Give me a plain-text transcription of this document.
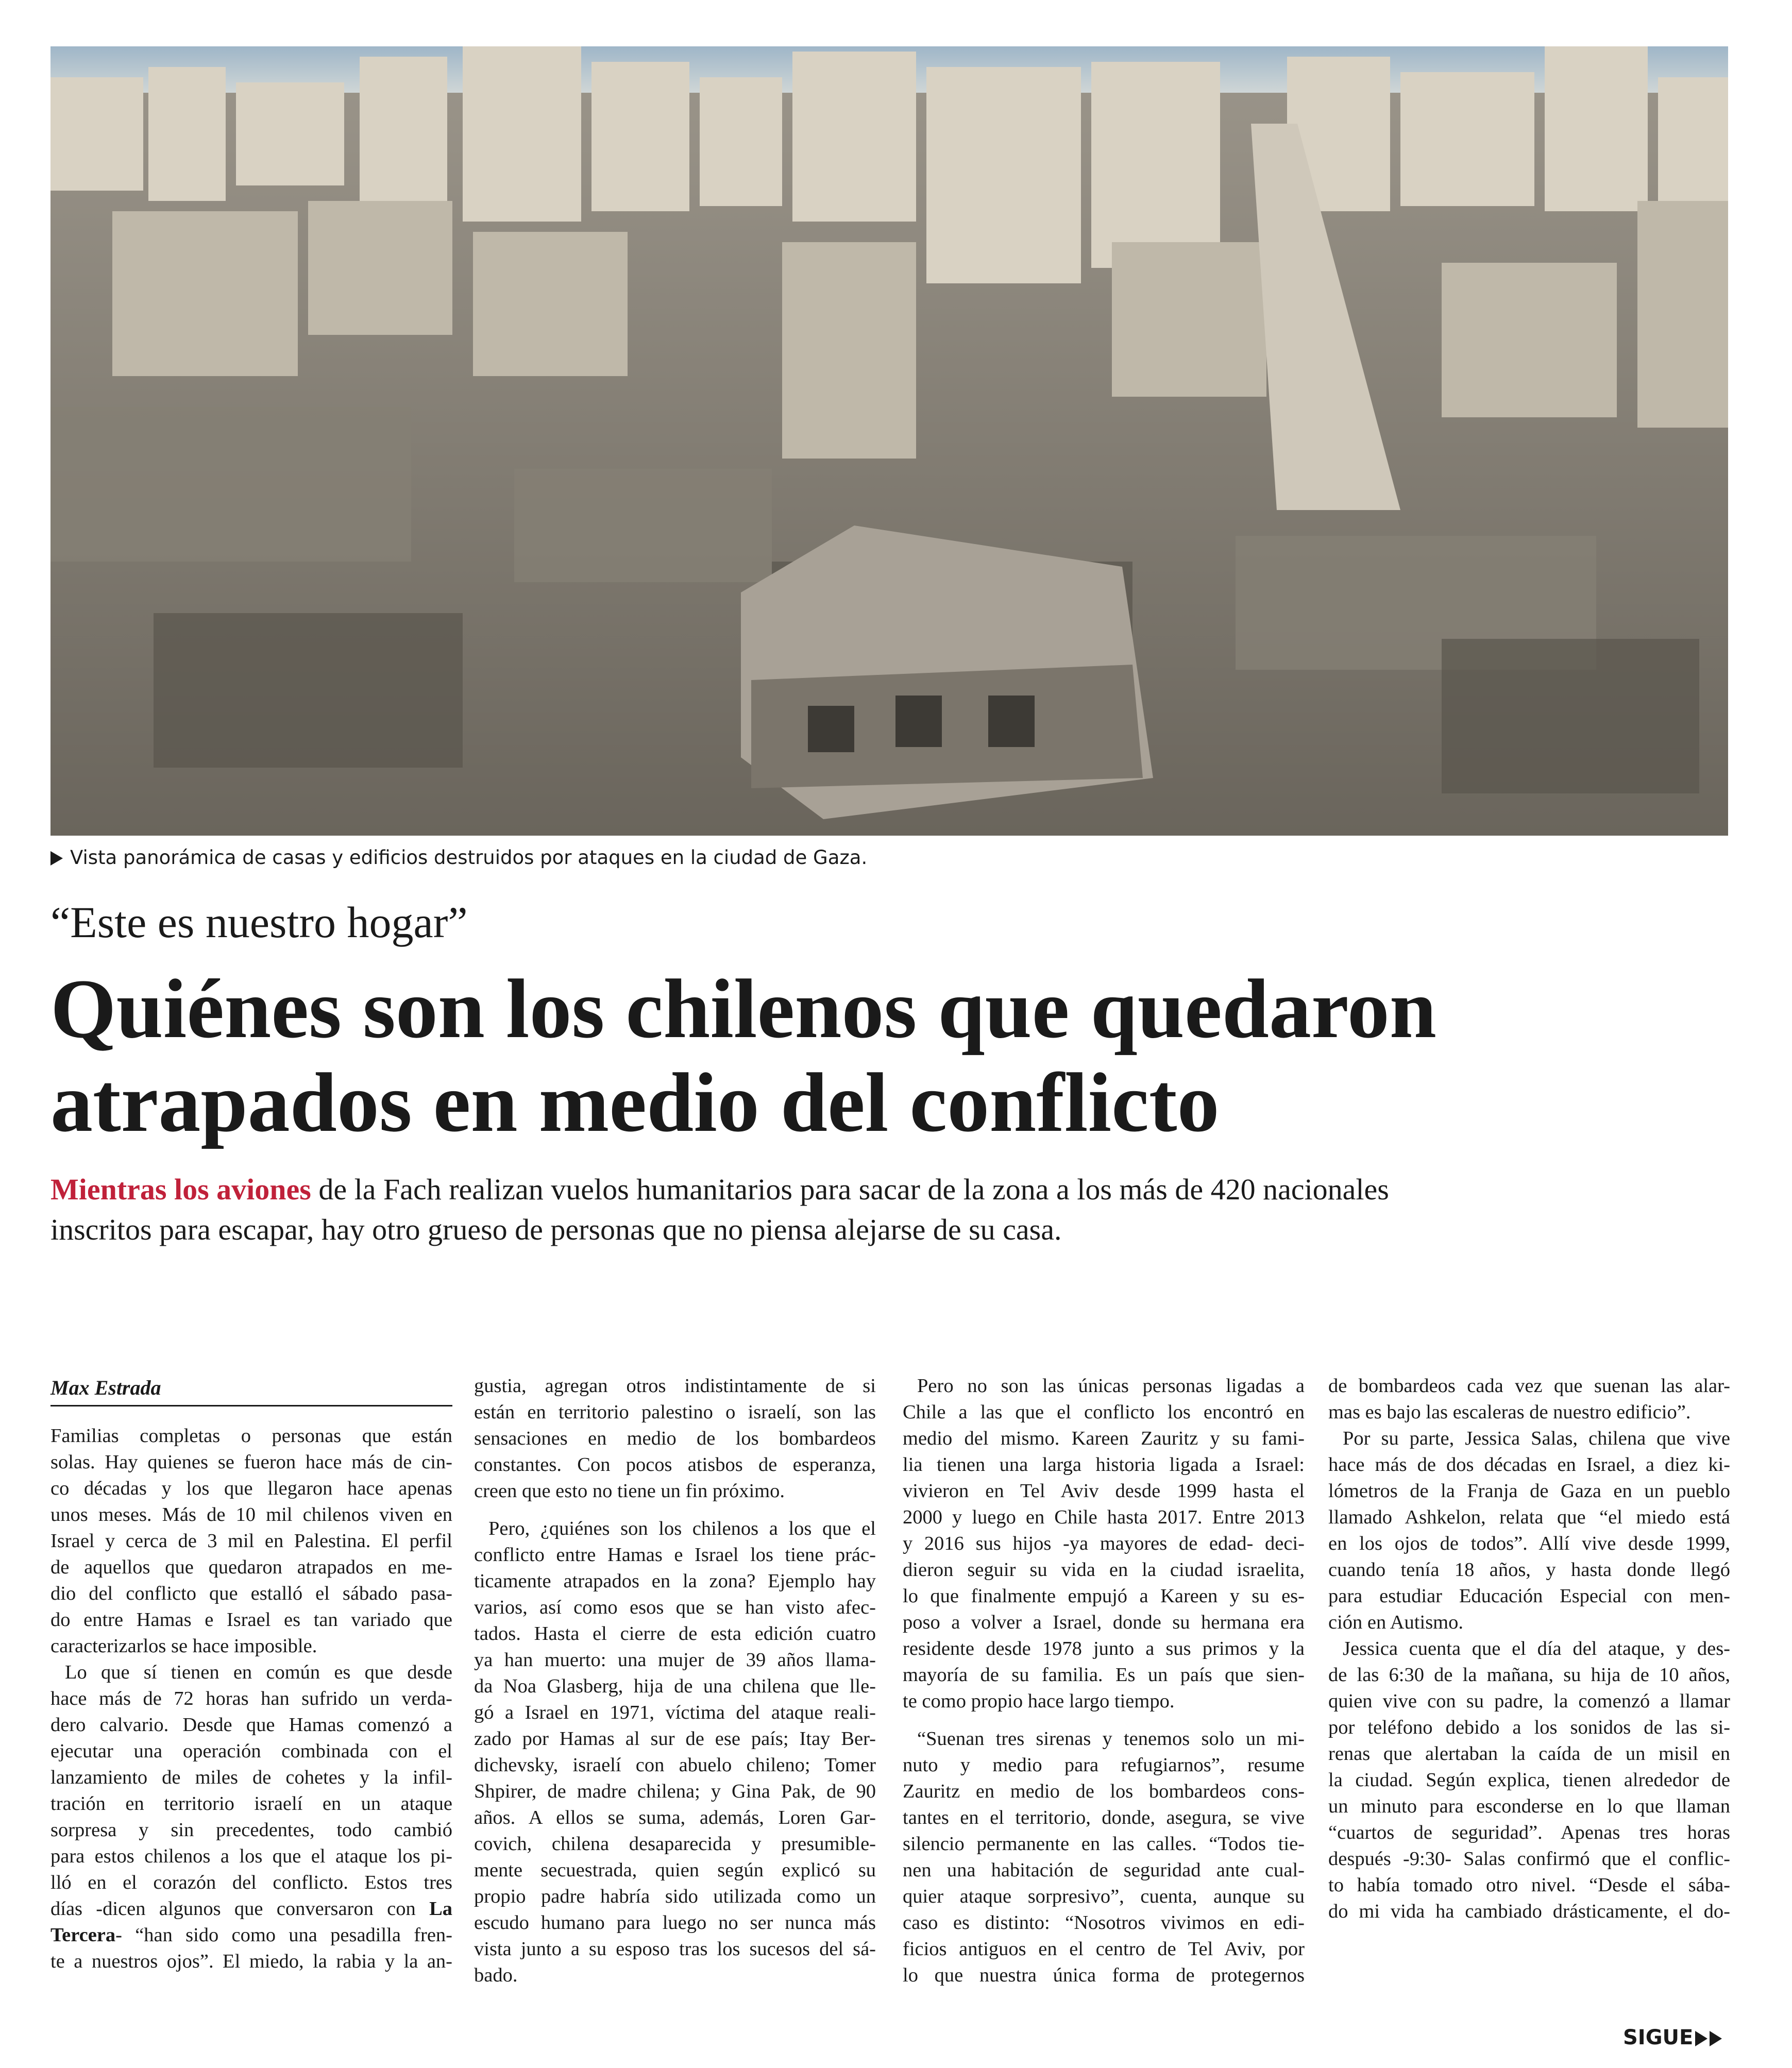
Vista panorámica de casas y edificios destruidos por ataques en la ciudad de Gaza.
“Este es nuestro hogar”
Quiénes son los chilenos que quedaron
atrapados en medio del conflicto
Mientras los aviones de la Fach realizan vuelos humanitarios para sacar de la zona a los más de 420 nacionales
inscritos para escapar, hay otro grueso de personas que no piensa alejarse de su casa.
Max Estrada
Familias completas o personas que están
solas. Hay quienes se fueron hace más de cin-
co décadas y los que llegaron hace apenas
unos meses. Más de 10 mil chilenos viven en
Israel y cerca de 3 mil en Palestina. El perfil
de aquellos que quedaron atrapados en me-
dio del conflicto que estalló el sábado pasa-
do entre Hamas e Israel es tan variado que
caracterizarlos se hace imposible.
Lo que sí tienen en común es que desde
hace más de 72 horas han sufrido un verda-
dero calvario. Desde que Hamas comenzó a
ejecutar una operación combinada con el
lanzamiento de miles de cohetes y la infil-
tración en territorio israelí en un ataque
sorpresa y sin precedentes, todo cambió
para estos chilenos a los que el ataque los pi-
lló en el corazón del conflicto. Estos tres
días -dicen algunos que conversaron con La
Tercera- “han sido como una pesadilla fren-
te a nuestros ojos”. El miedo, la rabia y la an-
gustia, agregan otros indistintamente de si
están en territorio palestino o israelí, son las
sensaciones en medio de los bombardeos
constantes. Con pocos atisbos de esperanza,
creen que esto no tiene un fin próximo.
Pero, ¿quiénes son los chilenos a los que el
conflicto entre Hamas e Israel los tiene prác-
ticamente atrapados en la zona? Ejemplo hay
varios, así como esos que se han visto afec-
tados. Hasta el cierre de esta edición cuatro
ya han muerto: una mujer de 39 años llama-
da Noa Glasberg, hija de una chilena que lle-
gó a Israel en 1971, víctima del ataque reali-
zado por Hamas al sur de ese país; Itay Ber-
dichevsky, israelí con abuelo chileno; Tomer
Shpirer, de madre chilena; y Gina Pak, de 90
años. A ellos se suma, además, Loren Gar-
covich, chilena desaparecida y presumible-
mente secuestrada, quien según explicó su
propio padre habría sido utilizada como un
escudo humano para luego no ser nunca más
vista junto a su esposo tras los sucesos del sá-
bado.
Pero no son las únicas personas ligadas a
Chile a las que el conflicto los encontró en
medio del mismo. Kareen Zauritz y su fami-
lia tienen una larga historia ligada a Israel:
vivieron en Tel Aviv desde 1999 hasta el
2000 y luego en Chile hasta 2017. Entre 2013
y 2016 sus hijos -ya mayores de edad- deci-
dieron seguir su vida en la ciudad israelita,
lo que finalmente empujó a Kareen y su es-
poso a volver a Israel, donde su hermana era
residente desde 1978 junto a sus primos y la
mayoría de su familia. Es un país que sien-
te como propio hace largo tiempo.
“Suenan tres sirenas y tenemos solo un mi-
nuto y medio para refugiarnos”, resume
Zauritz en medio de los bombardeos cons-
tantes en el territorio, donde, asegura, se vive
silencio permanente en las calles. “Todos tie-
nen una habitación de seguridad ante cual-
quier ataque sorpresivo”, cuenta, aunque su
caso es distinto: “Nosotros vivimos en edi-
ficios antiguos en el centro de Tel Aviv, por
lo que nuestra única forma de protegernos
de bombardeos cada vez que suenan las alar-
mas es bajo las escaleras de nuestro edificio”.
Por su parte, Jessica Salas, chilena que vive
hace más de dos décadas en Israel, a diez ki-
lómetros de la Franja de Gaza en un pueblo
llamado Ashkelon, relata que “el miedo está
en los ojos de todos”. Allí vive desde 1999,
cuando tenía 18 años, y hasta donde llegó
para estudiar Educación Especial con men-
ción en Autismo.
Jessica cuenta que el día del ataque, y des-
de las 6:30 de la mañana, su hija de 10 años,
quien vive con su padre, la comenzó a llamar
por teléfono debido a los sonidos de las si-
renas que alertaban la caída de un misil en
la ciudad. Según explica, tienen alrededor de
un minuto para esconderse en lo que llaman
“cuartos de seguridad”. Apenas tres horas
después -9:30- Salas confirmó que el conflic-
to había tomado otro nivel. “Desde el sába-
do mi vida ha cambiado drásticamente, el do-
SIGUE
